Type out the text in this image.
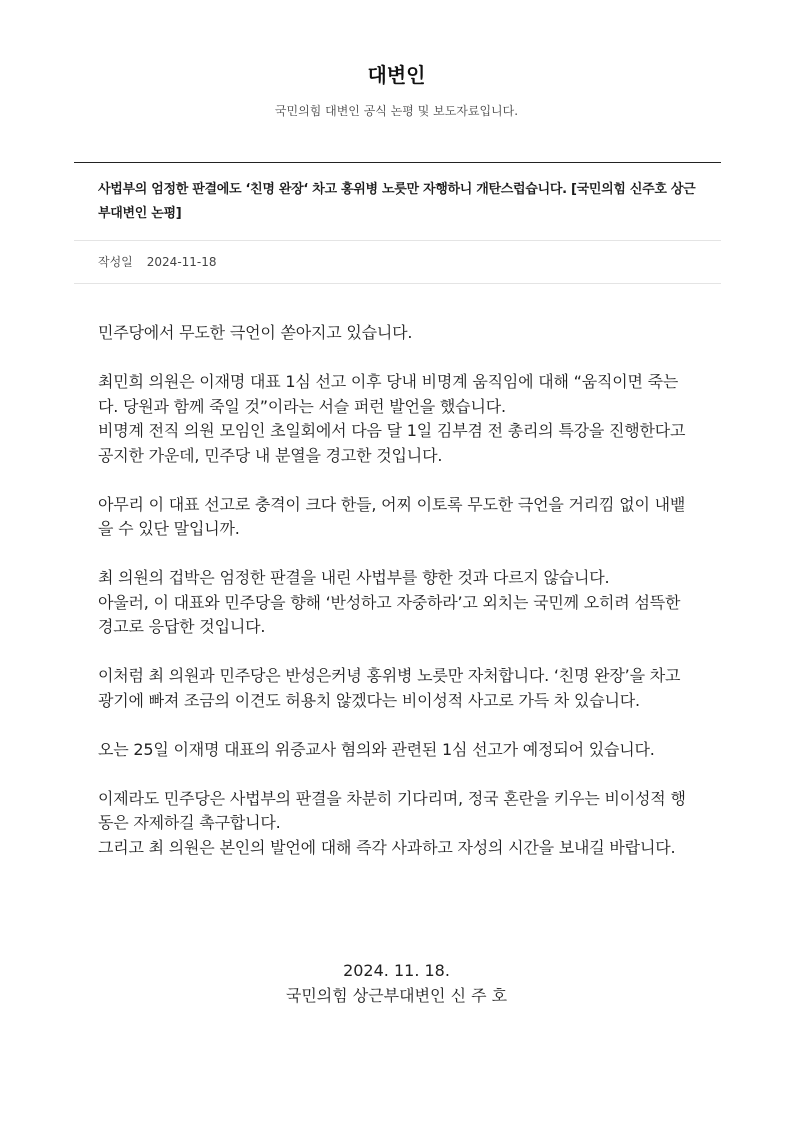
대변인
국민의힘 대변인 공식 논평 및 보도자료입니다.
사법부의 엄정한 판결에도 ‘친명 완장‘ 차고 홍위병 노릇만 자행하니 개탄스럽습니다. [국민의힘 신주호 상근부대변인 논평]
작성일 2024-11-18

민주당에서 무도한 극언이 쏟아지고 있습니다.

최민희 의원은 이재명 대표 1심 선고 이후 당내 비명계 움직임에 대해 “움직이면 죽는다. 당원과 함께 죽일 것”이라는 서슬 퍼런 발언을 했습니다.
비명계 전직 의원 모임인 초일회에서 다음 달 1일 김부겸 전 총리의 특강을 진행한다고 공지한 가운데, 민주당 내 분열을 경고한 것입니다.

아무리 이 대표 선고로 충격이 크다 한들, 어찌 이토록 무도한 극언을 거리낌 없이 내뱉을 수 있단 말입니까.

최 의원의 겁박은 엄정한 판결을 내린 사법부를 향한 것과 다르지 않습니다.
아울러, 이 대표와 민주당을 향해 ‘반성하고 자중하라’고 외치는 국민께 오히려 섬뜩한 경고로 응답한 것입니다.

이처럼 최 의원과 민주당은 반성은커녕 홍위병 노릇만 자처합니다. ‘친명 완장’을 차고 광기에 빠져 조금의 이견도 허용치 않겠다는 비이성적 사고로 가득 차 있습니다.

오는 25일 이재명 대표의 위증교사 혐의와 관련된 1심 선고가 예정되어 있습니다.

이제라도 민주당은 사법부의 판결을 차분히 기다리며, 정국 혼란을 키우는 비이성적 행동은 자제하길 촉구합니다.
그리고 최 의원은 본인의 발언에 대해 즉각 사과하고 자성의 시간을 보내길 바랍니다.

2024. 11. 18.
국민의힘 상근부대변인 신 주 호
